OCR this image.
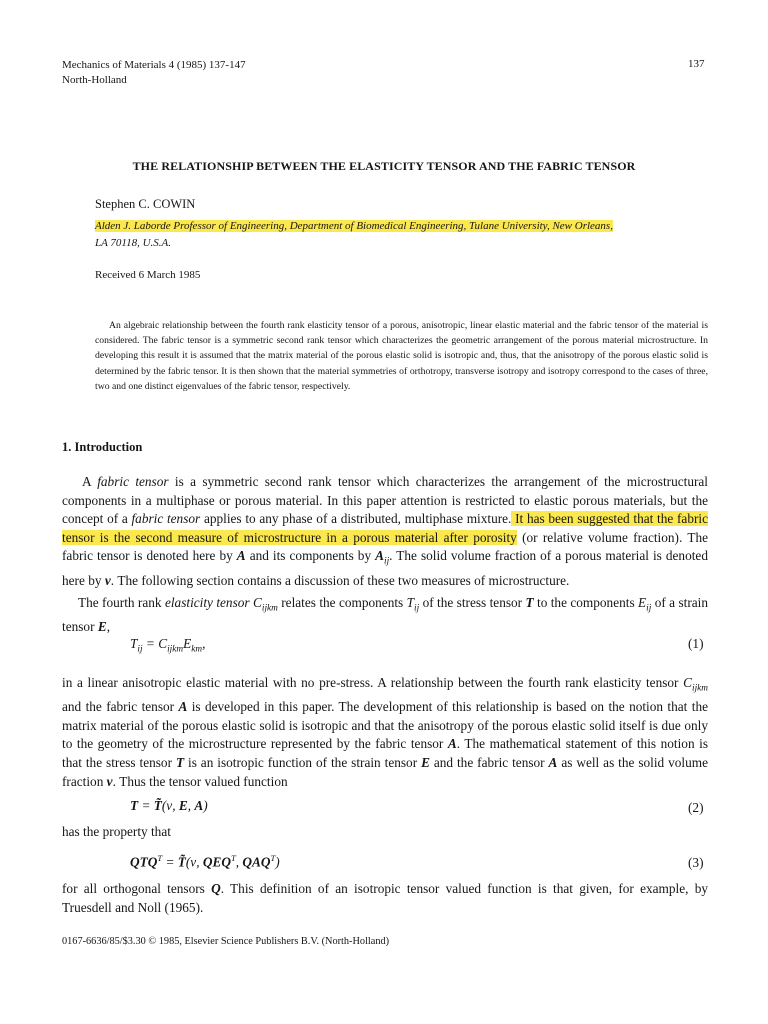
Mechanics of Materials 4 (1985) 137-147
North-Holland
137
THE RELATIONSHIP BETWEEN THE ELASTICITY TENSOR AND THE FABRIC TENSOR
Stephen C. COWIN
Alden J. Laborde Professor of Engineering, Department of Biomedical Engineering, Tulane University, New Orleans,
LA 70118, U.S.A.
Received 6 March 1985

An algebraic relationship between the fourth rank elasticity tensor of a porous, anisotropic, linear elastic material and the fabric tensor of the material is considered. The fabric tensor is a symmetric second rank tensor which characterizes the geometric arrangement of the porous material microstructure. In developing this result it is assumed that the matrix material of the porous elastic solid is isotropic and, thus, that the anisotropy of the porous elastic solid is determined by the fabric tensor. It is then shown that the material symmetries of orthotropy, transverse isotropy and isotropy correspond to the cases of three, two and one distinct eigenvalues of the fabric tensor, respectively.

1. Introduction

A fabric tensor is a symmetric second rank tensor which characterizes the arrangement of the microstructural components in a multiphase or porous material. In this paper attention is restricted to elastic porous materials, but the concept of a fabric tensor applies to any phase of a distributed, multiphase mixture. It has been suggested that the fabric tensor is the second measure of microstructure in a porous material after porosity (or relative volume fraction). The fabric tensor is denoted here by A and its components by $A_{ij}$. The solid volume fraction of a porous material is denoted here by ν. The following section contains a discussion of these two measures of microstructure.

The fourth rank elasticity tensor $C_{ijkm}$ relates the components $T_{ij}$ of the stress tensor T to the components $E_{ij}$ of a strain tensor E,

$T_{ij} = C_{ijkm}E_{km}$,	(1)

in a linear anisotropic elastic material with no pre-stress. A relationship between the fourth rank elasticity tensor $C_{ijkm}$ and the fabric tensor A is developed in this paper. The development of this relationship is based on the notion that the matrix material of the porous elastic solid is isotropic and that the anisotropy of the porous elastic solid itself is due only to the geometry of the microstructure represented by the fabric tensor A. The mathematical statement of this notion is that the stress tensor T is an isotropic function of the strain tensor E and the fabric tensor A as well as the solid volume fraction ν. Thus the tensor valued function

T = T̃(ν, E, A)	(2)

has the property that

$QTQ^T$ = T̃(ν, $QEQ^T$, $QAQ^T$)	(3)

for all orthogonal tensors Q. This definition of an isotropic tensor valued function is that given, for example, by Truesdell and Noll (1965).

0167-6636/85/$3.30 © 1985, Elsevier Science Publishers B.V. (North-Holland)
